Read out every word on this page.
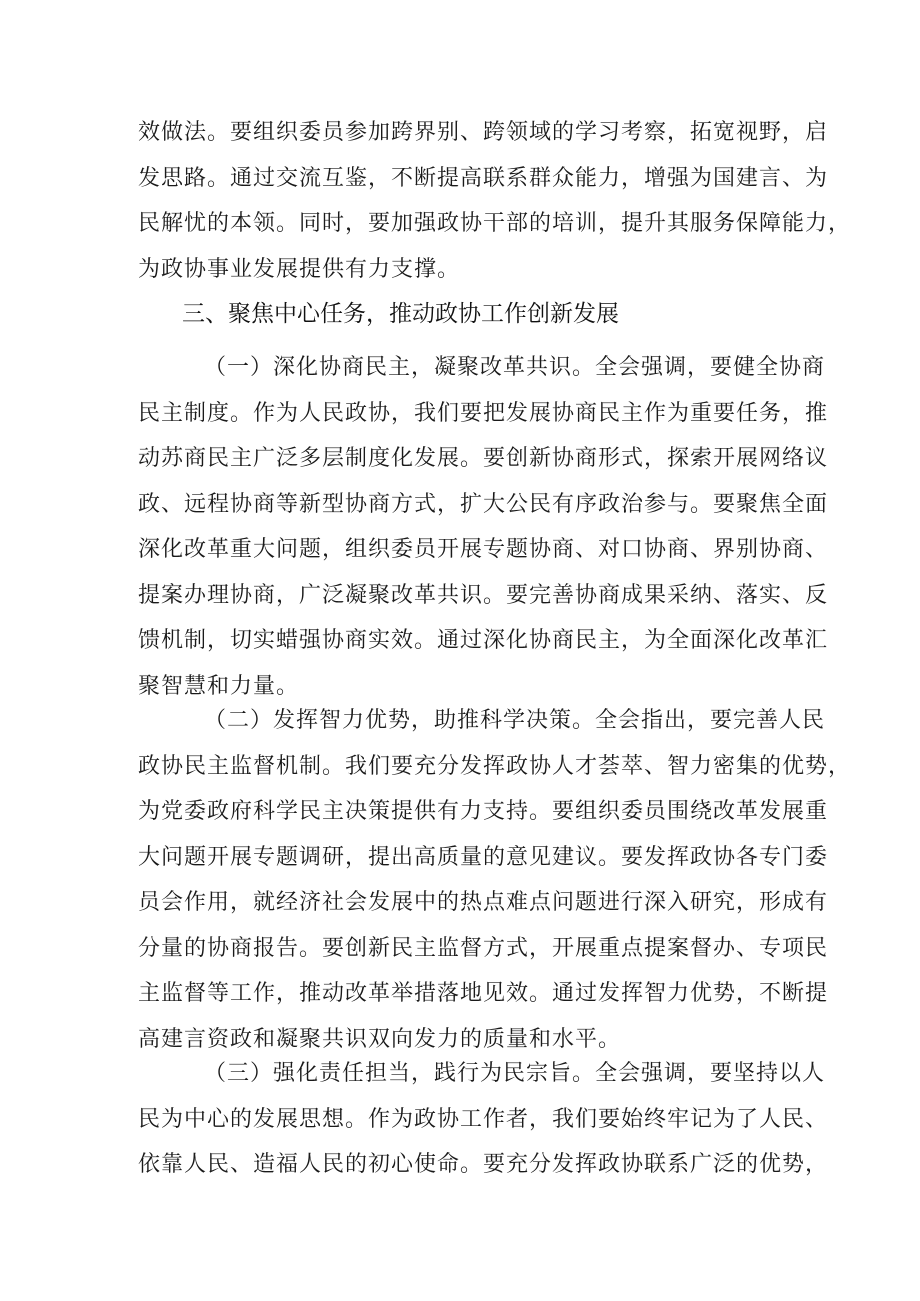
效做法。要组织委员参加跨界别、跨领域的学习考察，拓宽视野，启
发思路。通过交流互鉴，不断提高联系群众能力，增强为国建言、为
民解忧的本领。同时，要加强政协干部的培训，提升其服务保障能力，
为政协事业发展提供有力支撑。
三、聚焦中心任务，推动政协工作创新发展
（一）深化协商民主，凝聚改革共识。全会强调，要健全协商
民主制度。作为人民政协，我们要把发展协商民主作为重要任务，推
动苏商民主广泛多层制度化发展。要创新协商形式，探索开展网络议
政、远程协商等新型协商方式，扩大公民有序政治参与。要聚焦全面
深化改革重大问题，组织委员开展专题协商、对口协商、界别协商、
提案办理协商，广泛凝聚改革共识。要完善协商成果采纳、落实、反
馈机制，切实蜡强协商实效。通过深化协商民主，为全面深化改革汇
聚智慧和力量。
（二）发挥智力优势，助推科学决策。全会指出，要完善人民
政协民主监督机制。我们要充分发挥政协人才荟萃、智力密集的优势，
为党委政府科学民主决策提供有力支持。要组织委员围绕改革发展重
大问题开展专题调研，提出高质量的意见建议。要发挥政协各专门委
员会作用，就经济社会发展中的热点难点问题进行深入研究，形成有
分量的协商报告。要创新民主监督方式，开展重点提案督办、专项民
主监督等工作，推动改革举措落地见效。通过发挥智力优势，不断提
高建言资政和凝聚共识双向发力的质量和水平。
（三）强化责任担当，践行为民宗旨。全会强调，要坚持以人
民为中心的发展思想。作为政协工作者，我们要始终牢记为了人民、
依靠人民、造福人民的初心使命。要充分发挥政协联系广泛的优势，
